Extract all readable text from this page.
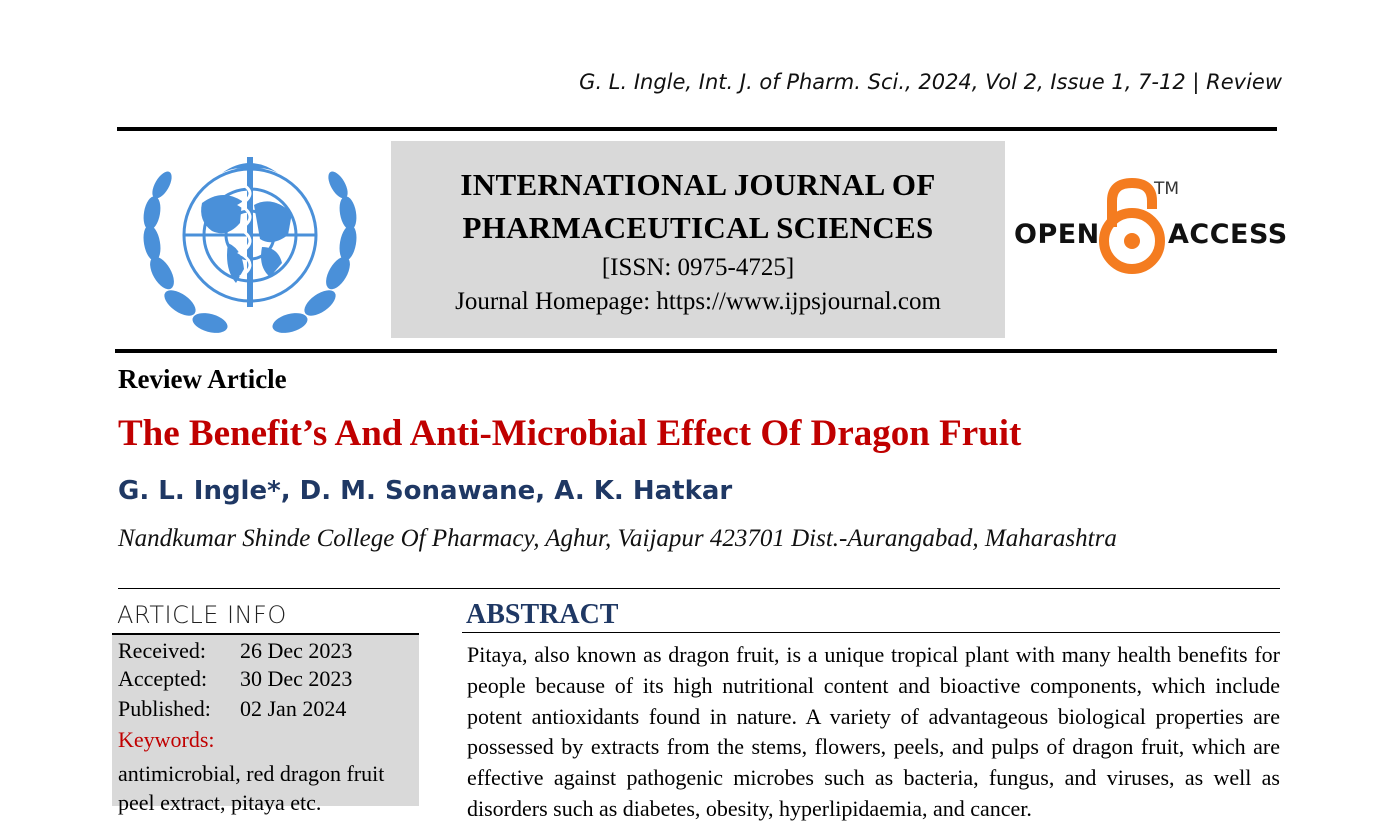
G. L. Ingle, Int. J. of Pharm. Sci., 2024, Vol 2, Issue 1, 7-12 | Review
INTERNATIONAL JOURNAL OF
PHARMACEUTICAL SCIENCES
[ISSN: 0975-4725]
Journal Homepage: https://www.ijpsjournal.com
OPEN
TM
ACCESS
Review Article
The Benefit’s And Anti-Microbial Effect Of Dragon Fruit
G. L. Ingle*, D. M. Sonawane, A. K. Hatkar
Nandkumar Shinde College Of Pharmacy, Aghur, Vaijapur 423701 Dist.-Aurangabad, Maharashtra
ARTICLE INFO
Received: 26 Dec 2023
Accepted: 30 Dec 2023
Published: 02 Jan 2024
Keywords:
antimicrobial, red dragon fruit peel extract, pitaya etc.
ABSTRACT
Pitaya, also known as dragon fruit, is a unique tropical plant with many health benefits for people because of its high nutritional content and bioactive components, which include potent antioxidants found in nature. A variety of advantageous biological properties are possessed by extracts from the stems, flowers, peels, and pulps of dragon fruit, which are effective against pathogenic microbes such as bacteria, fungus, and viruses, as well as disorders such as diabetes, obesity, hyperlipidaemia, and cancer.
